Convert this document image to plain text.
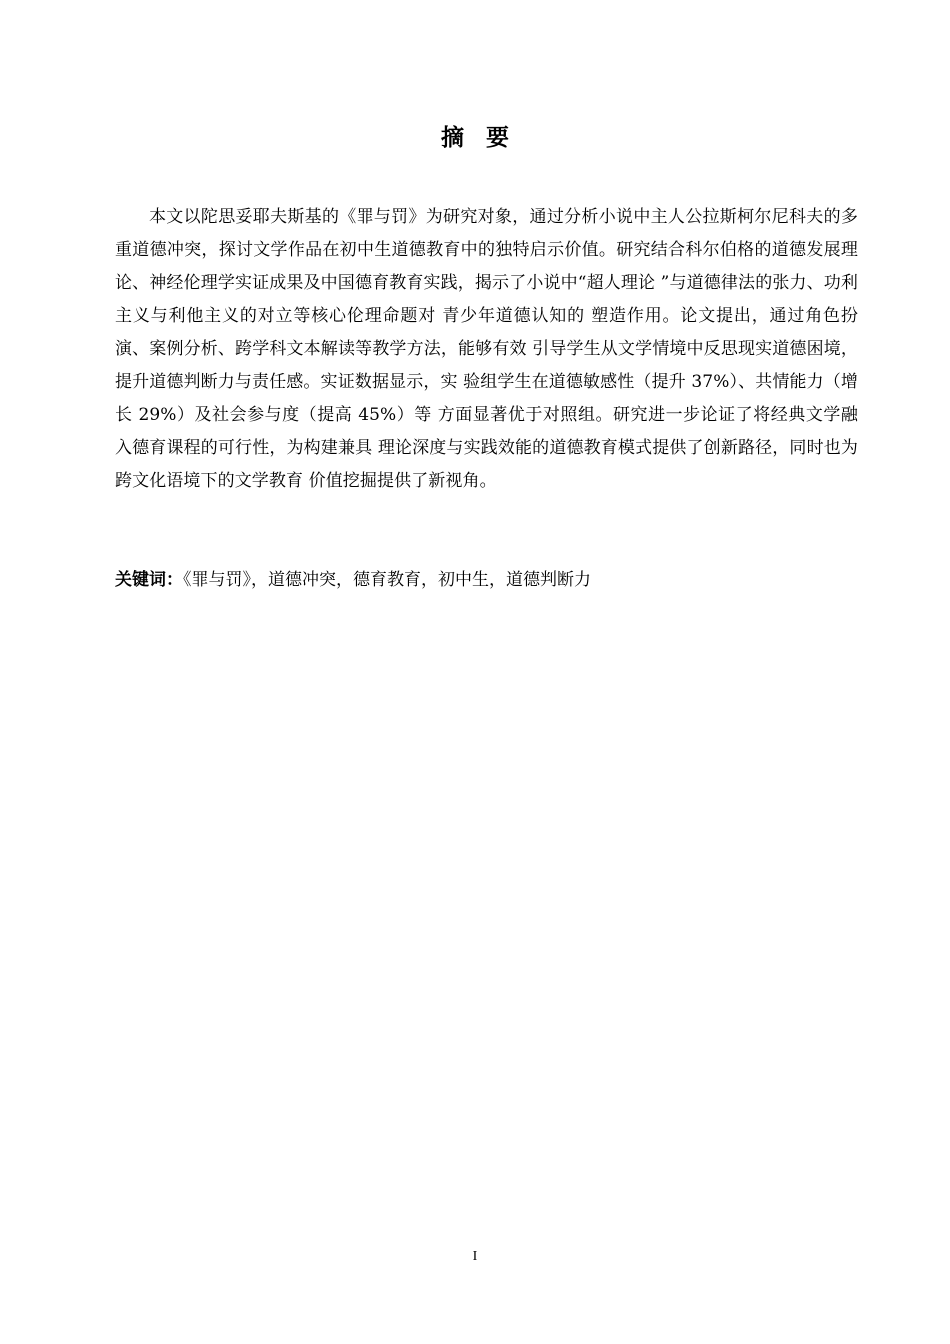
摘 要

本文以陀思妥耶夫斯基的《罪与罚》为研究对象，通过分析小说中主人公拉斯柯尔尼科夫的多重道德冲突，探讨文学作品在初中生道德教育中的独特启示价值。研究结合科尔伯格的道德发展理论、神经伦理学实证成果及中国德育教育实践，揭示了小说中“超人理论 ”与道德律法的张力、功利主义与利他主义的对立等核心伦理命题对 青少年道德认知的 塑造作用。论文提出，通过角色扮演、案例分析、跨学科文本解读等教学方法，能够有效 引导学生从文学情境中反思现实道德困境，提升道德判断力与责任感。实证数据显示，实 验组学生在道德敏感性（提升 37%）、共情能力（增长 29%）及社会参与度（提高 45%）等 方面显著优于对照组。研究进一步论证了将经典文学融 入德育课程的可行性，为构建兼具 理论深度与实践效能的道德教育模式提供了创新路径，同时也为跨文化语境下的文学教育 价值挖掘提供了新视角。

关键词：《罪与罚》，道德冲突，德育教育，初中生，道德判断力

I
